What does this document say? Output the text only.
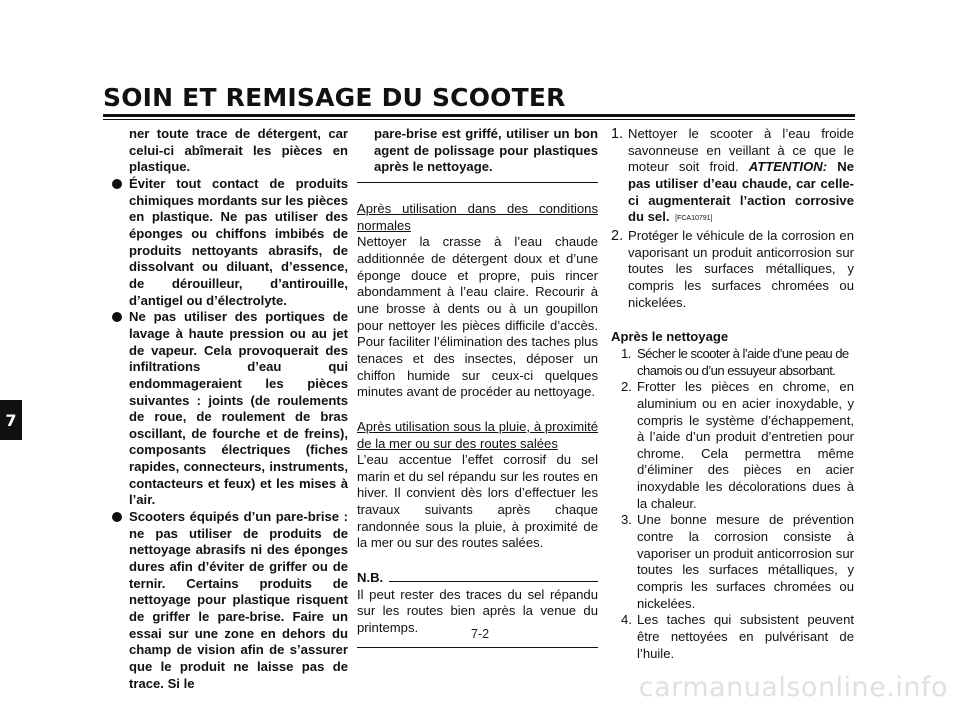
SOIN ET REMISAGE DU SCOOTER
7
ner toute trace de détergent, car celui-ci abîmerait les pièces en plastique.
Éviter tout contact de produits chimiques mordants sur les pièces en plastique. Ne pas utiliser des éponges ou chiffons imbibés de produits nettoyants abrasifs, de dissolvant ou diluant, d’essence, de dérouilleur, d’antirouille, d’antigel ou d’électrolyte.
Ne pas utiliser des portiques de lavage à haute pression ou au jet de vapeur. Cela provoquerait des infiltrations d’eau qui endommageraient les pièces suivantes : joints (de roulements de roue, de roulement de bras oscillant, de fourche et de freins), composants électriques (fiches rapides, connecteurs, instruments, contacteurs et feux) et les mises à l’air.
Scooters équipés d’un pare-brise : ne pas utiliser de produits de nettoyage abrasifs ni des éponges dures afin d’éviter de griffer ou de ternir. Certains produits de nettoyage pour plastique risquent de griffer le pare-brise. Faire un essai sur une zone en dehors du champ de vision afin de s’assurer que le produit ne laisse pas de trace. Si le
pare-brise est griffé, utiliser un bon agent de polissage pour plastiques après le nettoyage.
Après utilisation dans des conditions normales
Nettoyer la crasse à l’eau chaude additionnée de détergent doux et d’une éponge douce et propre, puis rincer abondamment à l’eau claire. Recourir à une brosse à dents ou à un goupillon pour nettoyer les pièces difficile d’accès. Pour faciliter l’élimination des taches plus tenaces et des insectes, déposer un chiffon humide sur ceux-ci quelques minutes avant de procéder au nettoyage.
Après utilisation sous la pluie, à proximité de la mer ou sur des routes salées
L’eau accentue l’effet corrosif du sel marin et du sel répandu sur les routes en hiver. Il convient dès lors d’effectuer les travaux suivants après chaque randonnée sous la pluie, à proximité de la mer ou sur des routes salées.
N.B.
Il peut rester des traces du sel répandu sur les routes bien après la venue du printemps.
1. Nettoyer le scooter à l’eau froide savonneuse en veillant à ce que le moteur soit froid. ATTENTION: Ne pas utiliser d’eau chaude, car celle-ci augmenterait l’action corrosive du sel. [FCA10791]
2. Protéger le véhicule de la corrosion en vaporisant un produit anticorrosion sur toutes les surfaces métalliques, y compris les surfaces chromées ou nickelées.
Après le nettoyage
1. Sécher le scooter à l’aide d’une peau de chamois ou d’un essuyeur absorbant.
2. Frotter les pièces en chrome, en aluminium ou en acier inoxydable, y compris le système d’échappement, à l’aide d’un produit d’entretien pour chrome. Cela permettra même d’éliminer des pièces en acier inoxydable les décolorations dues à la chaleur.
3. Une bonne mesure de prévention contre la corrosion consiste à vaporiser un produit anticorrosion sur toutes les surfaces métalliques, y compris les surfaces chromées ou nickelées.
4. Les taches qui subsistent peuvent être nettoyées en pulvérisant de l’huile.
7-2
carmanualsonline.info
